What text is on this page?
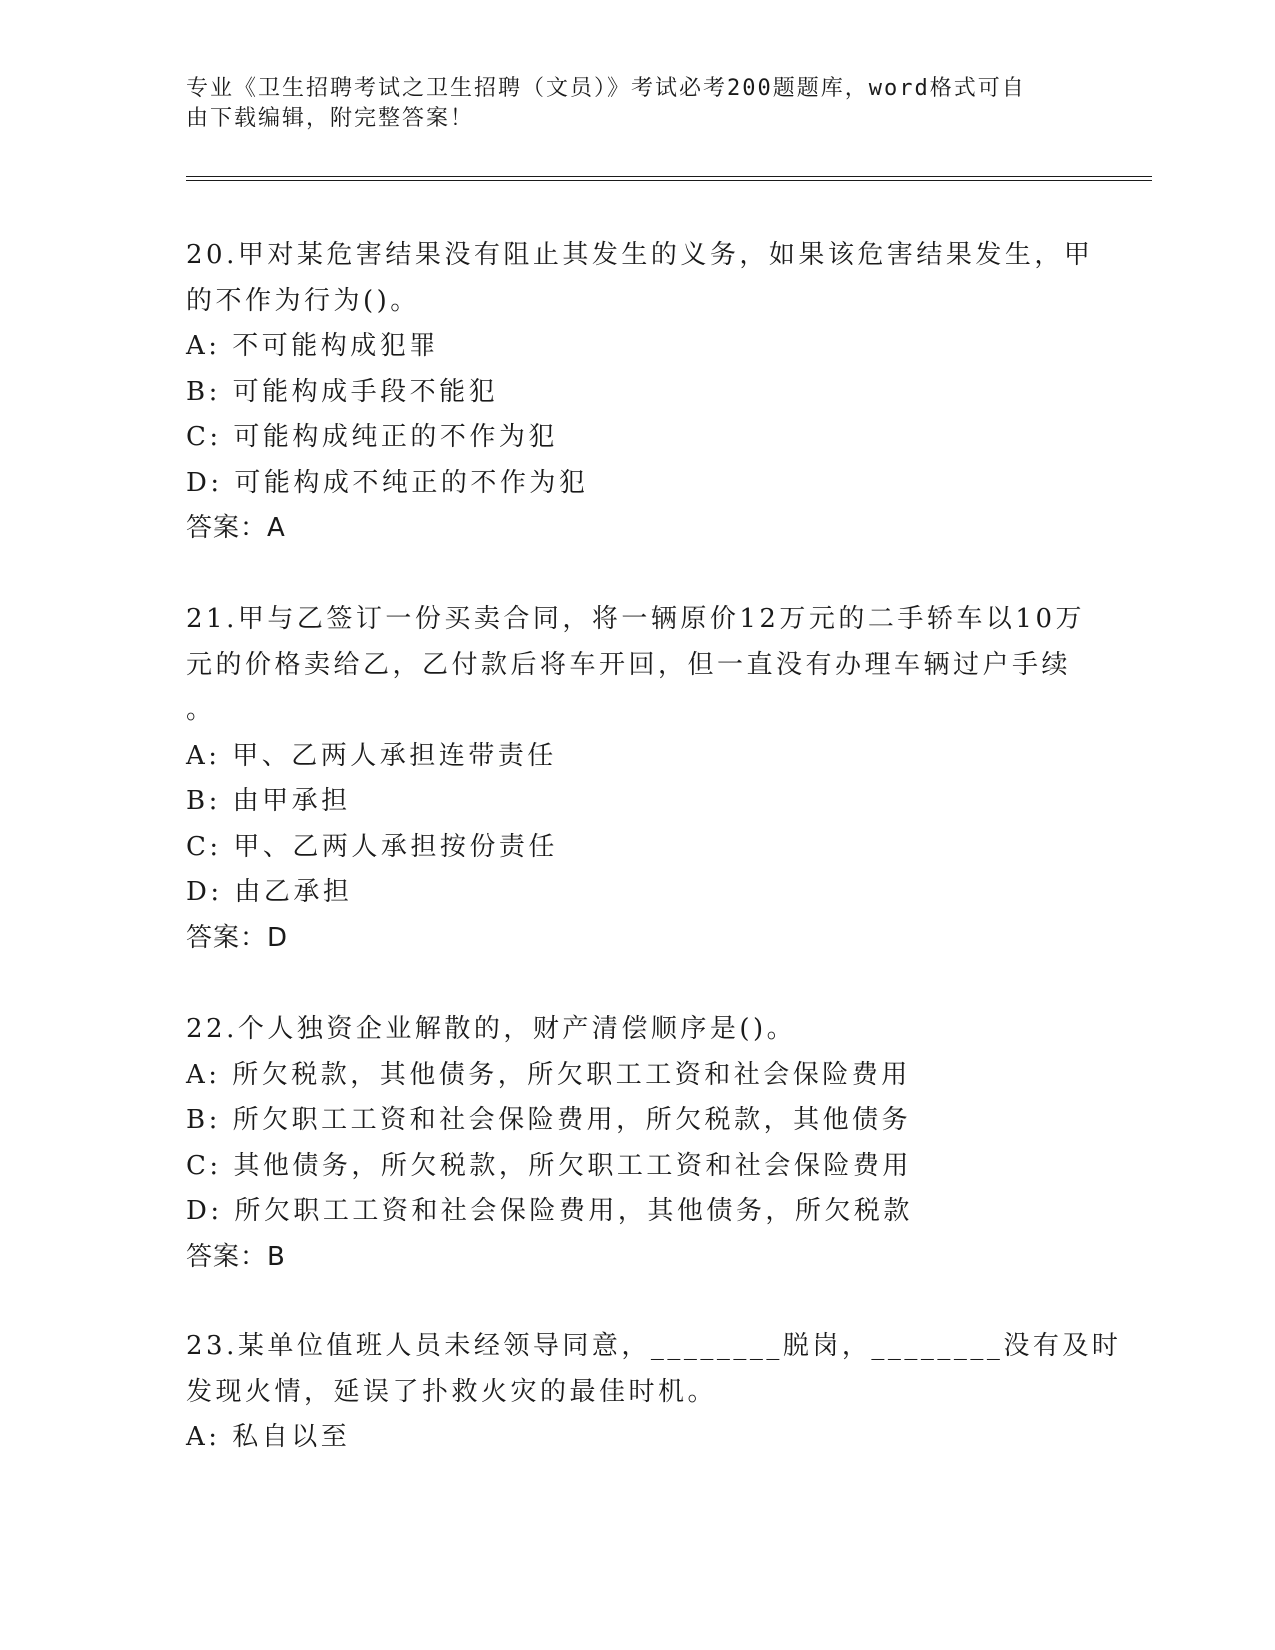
专业《卫生招聘考试之卫生招聘（文员）》考试必考200题题库，word格式可自

由下载编辑，附完整答案！

20.甲对某危害结果没有阻止其发生的义务，如果该危害结果发生，甲

的不作为行为()。

A: 不可能构成犯罪

B: 可能构成手段不能犯

C: 可能构成纯正的不作为犯

D: 可能构成不纯正的不作为犯

答案：A

21.甲与乙签订一份买卖合同，将一辆原价12万元的二手轿车以10万

元的价格卖给乙，乙付款后将车开回，但一直没有办理车辆过户手续

。

A: 甲、乙两人承担连带责任

B: 由甲承担

C: 甲、乙两人承担按份责任

D: 由乙承担

答案：D

22.个人独资企业解散的，财产清偿顺序是()。

A: 所欠税款，其他债务，所欠职工工资和社会保险费用

B: 所欠职工工资和社会保险费用，所欠税款，其他债务

C: 其他债务，所欠税款，所欠职工工资和社会保险费用

D: 所欠职工工资和社会保险费用，其他债务，所欠税款

答案：B

23.某单位值班人员未经领导同意，________脱岗，________没有及时

发现火情，延误了扑救火灾的最佳时机。

A: 私自以至
